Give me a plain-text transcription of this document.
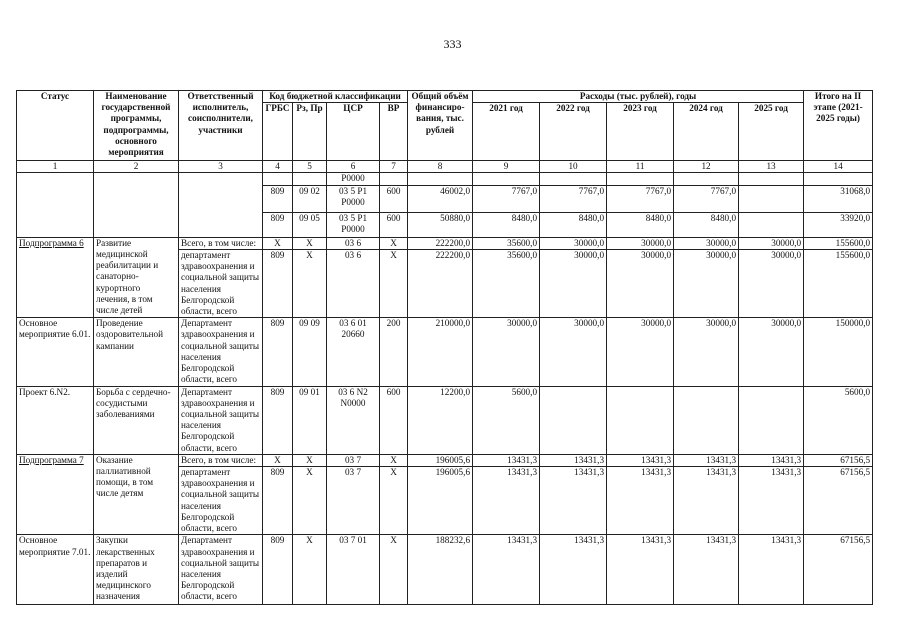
333
Статус	Наименование государственной программы, подпрограммы, основного мероприятия	Ответственный исполнитель, соисполнители, участники	Код бюджетной классификации				Общий объём финансиро-вания, тыс. рублей	Расходы (тыс. рублей), годы					Итого на II этапе (2021-2025 годы)
			ГРБС	Рз, Пр	ЦСР	ВР		2021 год	2022 год	2023 год	2024 год	2025 год	
1	2	3	4	5	6	7	8	9	10	11	12	13	14
					Р0000								
			809	09 02	03 5 Р1 Р0000	600	46002,0	7767,0	7767,0	7767,0	7767,0		31068,0
			809	09 05	03 5 Р1 Р0000	600	50880,0	8480,0	8480,0	8480,0	8480,0		33920,0
Подпрограмма 6	Развитие медицинской реабилитации и санаторно-курортного лечения, в том числе детей	Всего, в том числе:	Х	Х	03 6	Х	222200,0	35600,0	30000,0	30000,0	30000,0	30000,0	155600,0
		департамент здравоохранения и социальной защиты населения Белгородской области, всего	809	Х	03 6	Х	222200,0	35600,0	30000,0	30000,0	30000,0	30000,0	155600,0
Основное мероприятие 6.01.	Проведение оздоровительной кампании	Департамент здравоохранения и социальной защиты населения Белгородской области, всего	809	09 09	03 6 01 20660	200	210000,0	30000,0	30000,0	30000,0	30000,0	30000,0	150000,0
Проект 6.N2.	Борьба с сердечно-сосудистыми заболеваниями	Департамент здравоохранения и социальной защиты населения Белгородской области, всего	809	09 01	03 6 N2 N0000	600	12200,0	5600,0					5600,0
Подпрограмма 7	Оказание паллиативной помощи, в том числе детям	Всего, в том числе:	Х	Х	03 7	Х	196005,6	13431,3	13431,3	13431,3	13431,3	13431,3	67156,5
		департамент здравоохранения и социальной защиты населения Белгородской области, всего	809	Х	03 7	Х	196005,6	13431,3	13431,3	13431,3	13431,3	13431,3	67156,5
Основное мероприятие 7.01.	Закупки лекарственных препаратов и изделий медицинского назначения	Департамент здравоохранения и социальной защиты населения Белгородской области, всего	809	Х	03 7 01	Х	188232,6	13431,3	13431,3	13431,3	13431,3	13431,3	67156,5
